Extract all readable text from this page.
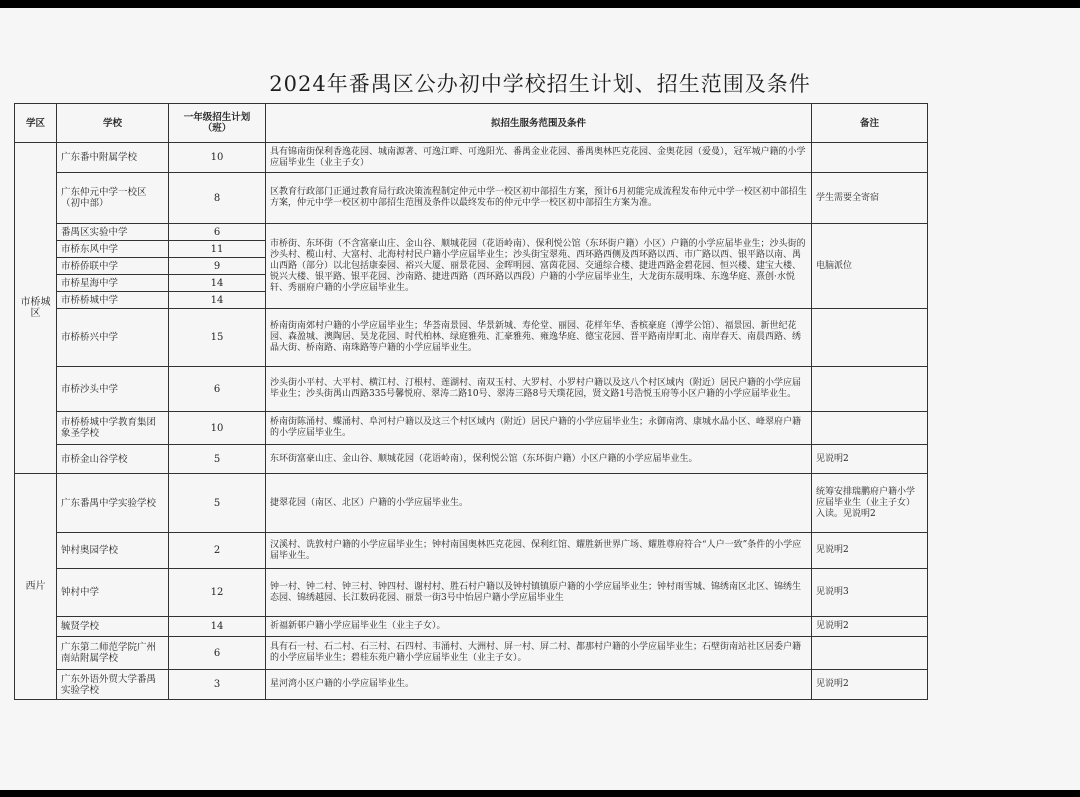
2024年番禺区公办初中学校招生计划、招生范围及条件
学区	学校	一年级招生计划（班）	拟招生服务范围及条件	备注
市桥城区	广东番中附属学校	10	具有锦南街保利香逸花园、城南源著、可逸江畔、可逸阳光、番禺金业花园、番禺奥林匹克花园、金奥花园（爱曼），冠军城户籍的小学应届毕业生（业主子女）	
	广东仲元中学一校区（初中部）	8	区教育行政部门正通过教育局行政决策流程制定仲元中学一校区初中部招生方案，预计6月初能完成流程发布仲元中学一校区初中部招生方案，仲元中学一校区初中部招生范围及条件以最终发布的仲元中学一校区初中部招生方案为准。	学生需要全寄宿
	番禺区实验中学	6	市桥街、东环街（不含富豪山庄、金山谷、顺城花园（花语岭南）、保利悦公馆（东环街户籍）小区）户籍的小学应届毕业生；沙头街的沙头村、榄山村、大富村、北海村村民户籍小学应届毕业生；沙头街宝翠苑、西环路西侧及西环路以西、市广路以西、银平路以南、禺山西路（部分）以北包括康泰园、裕兴大厦、丽景花园、金晖明园、富茵花园、交通综合楼、捷进西路金碧花园、恒兴楼、建宝大楼、锐兴大楼、银平路、银平花园、沙南路、捷进西路（西环路以西段）户籍的小学应届毕业生，大龙街东晟明珠、东逸华庭、熹创·水悦轩、秀丽府户籍的小学应届毕业生。	电脑派位
	市桥东风中学	11		
	市桥侨联中学	9		
	市桥星海中学	14		
	市桥桥城中学	14		
	市桥桥兴中学	15	桥南街南郊村户籍的小学应届毕业生；华荟南景园、华景新城、寿伦堂、丽园、花样年华、香槟豪庭（溥学公馆）、福景园、新世纪花园、森盈城、澳陶居、昊龙花园、时代柏林、绿庭雅苑、汇豪雅苑、雍逸华庭、德宝花园、晋平路南岸町北、南岸春天、南晨西路、绣晶大街、桥南路、南珠路等户籍的小学应届毕业生。	
	市桥沙头中学	6	沙头街小平村、大平村、横江村、汀根村、莲湖村、南双玉村、大罗村、小罗村户籍以及这八个村区域内（附近）居民户籍的小学应届毕业生；沙头街禺山西路335号馨悦府、翠涛二路10号、翠涛三路8号天璞花园，贤文路1号浩悦玉府等小区户籍的小学应届毕业生。	
	市桥桥城中学教育集团象圣学校	10	桥南街陈涌村、蝶涌村、阜河村户籍以及这三个村区域内（附近）居民户籍的小学应届毕业生；永御南湾、康城水晶小区、峰翠府户籍的小学应届毕业生。	
	市桥金山谷学校	5	东环街富豪山庄、金山谷、顺城花园（花语岭南），保利悦公馆（东环街户籍）小区户籍的小学应届毕业生。	见说明2
西片	广东番禺中学实验学校	5	捷翠花园（南区、北区）户籍的小学应届毕业生。	统筹安排瑞鹏府户籍小学应届毕业生（业主子女）入读。见说明2
	钟村奥园学校	2	汉溪村、诜敦村户籍的小学应届毕业生；钟村南国奥林匹克花园、保利红馆、耀胜新世界广场、耀胜尊府符合“人户一致”条件的小学应届毕业生。	见说明2
	钟村中学	12	钟一村、钟二村、钟三村、钟四村、谢村村、胜石村户籍以及钟村镇镇原户籍的小学应届毕业生；钟村雨雪城、锦绣南区北区、锦绣生态园、锦绣越园、长江数码花园、丽景一街3号中怡居户籍小学应届毕业生	见说明3
	毓贤学校	14	祈福新邨户籍小学应届毕业生（业主子女）。	见说明2
	广东第二师范学院广州南站附属学校	6	具有石一村、石二村、石三村、石四村、韦涌村、大洲村、屏一村、屏二村、都那村户籍的小学应届毕业生；石壁街南站社区居委户籍的小学应届毕业生；碧桂东苑户籍小学应届毕业生（业主子女）。	
	广东外语外贸大学番禺实验学校	3	星河湾小区户籍的小学应届毕业生。	见说明2
